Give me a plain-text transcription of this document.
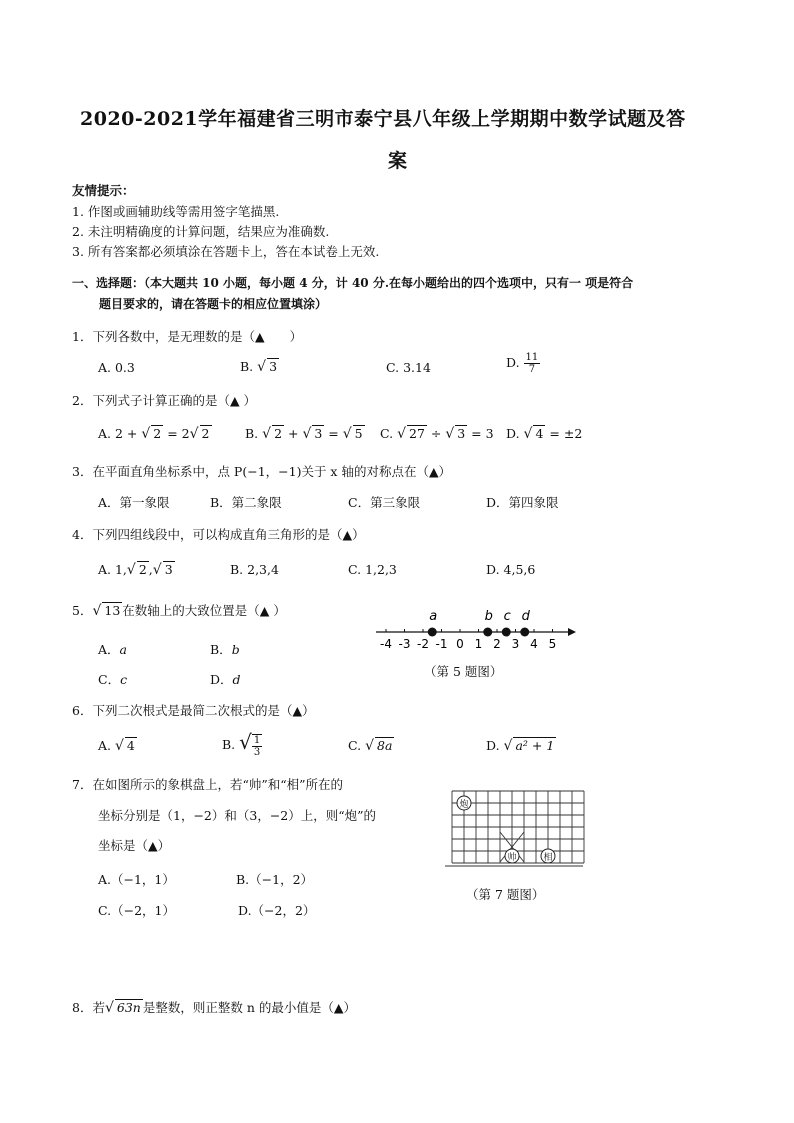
2020-2021学年福建省三明市泰宁县八年级上学期期中数学试题及答
案
友情提示：
1. 作图或画辅助线等需用签字笔描黑.
2. 未注明精确度的计算问题，结果应为准确数.
3. 所有答案都必须填涂在答题卡上，答在本试卷上无效.
一、选择题：（本大题共 10 小题，每小题 4 分，计 40 分.在每小题给出的四个选项中，只有一 项是符合
题目要求的，请在答题卡的相应位置填涂）
1．下列各数中，是无理数的是（▲　　）
A. 0.3	B. √ 3	C. 3.14	D. $\frac{11}{7}$
2．下列式子计算正确的是（▲ ）
A. 2 + √ 2 = 2√ 2	B. √ 2 + √ 3 = √ 5 C. √ 27 ÷ √ 3 = 3 D. √ 4 = ±2
3．在平面直角坐标系中，点 P(−1，−1)关于 x 轴的对称点在（▲）
A．第一象限	B．第二象限	C．第三象限	D．第四象限
4．下列四组线段中，可以构成直角三角形的是（▲）
A. 1,√ 2 ,√ 3	B. 2,3,4	C. 1,2,3	D. 4,5,6
5．√ 13 在数轴上的大致位置是（▲ ）
A．a	B．b
C．c	D．d
-4 -3 -2 -1 0 1 2 3 4 5
a	b c d
（第 5 题图）
6．下列二次根式是最简二次根式的是（▲）
A. √ 4	B. √ $\frac{1}{3}$	C. √ 8a	D. √ a² + 1
7．在如图所示的象棋盘上，若“帅”和“相”所在的
坐标分别是（1，−2）和（3，−2）上，则“炮”的
坐标是（▲）
A.（−1，1）	B.（−1，2）
C.（−2，1）	D.（−2，2）
炮
帅	相
（第 7 题图）
8．若√ 63n 是整数，则正整数 n 的最小值是（▲）
